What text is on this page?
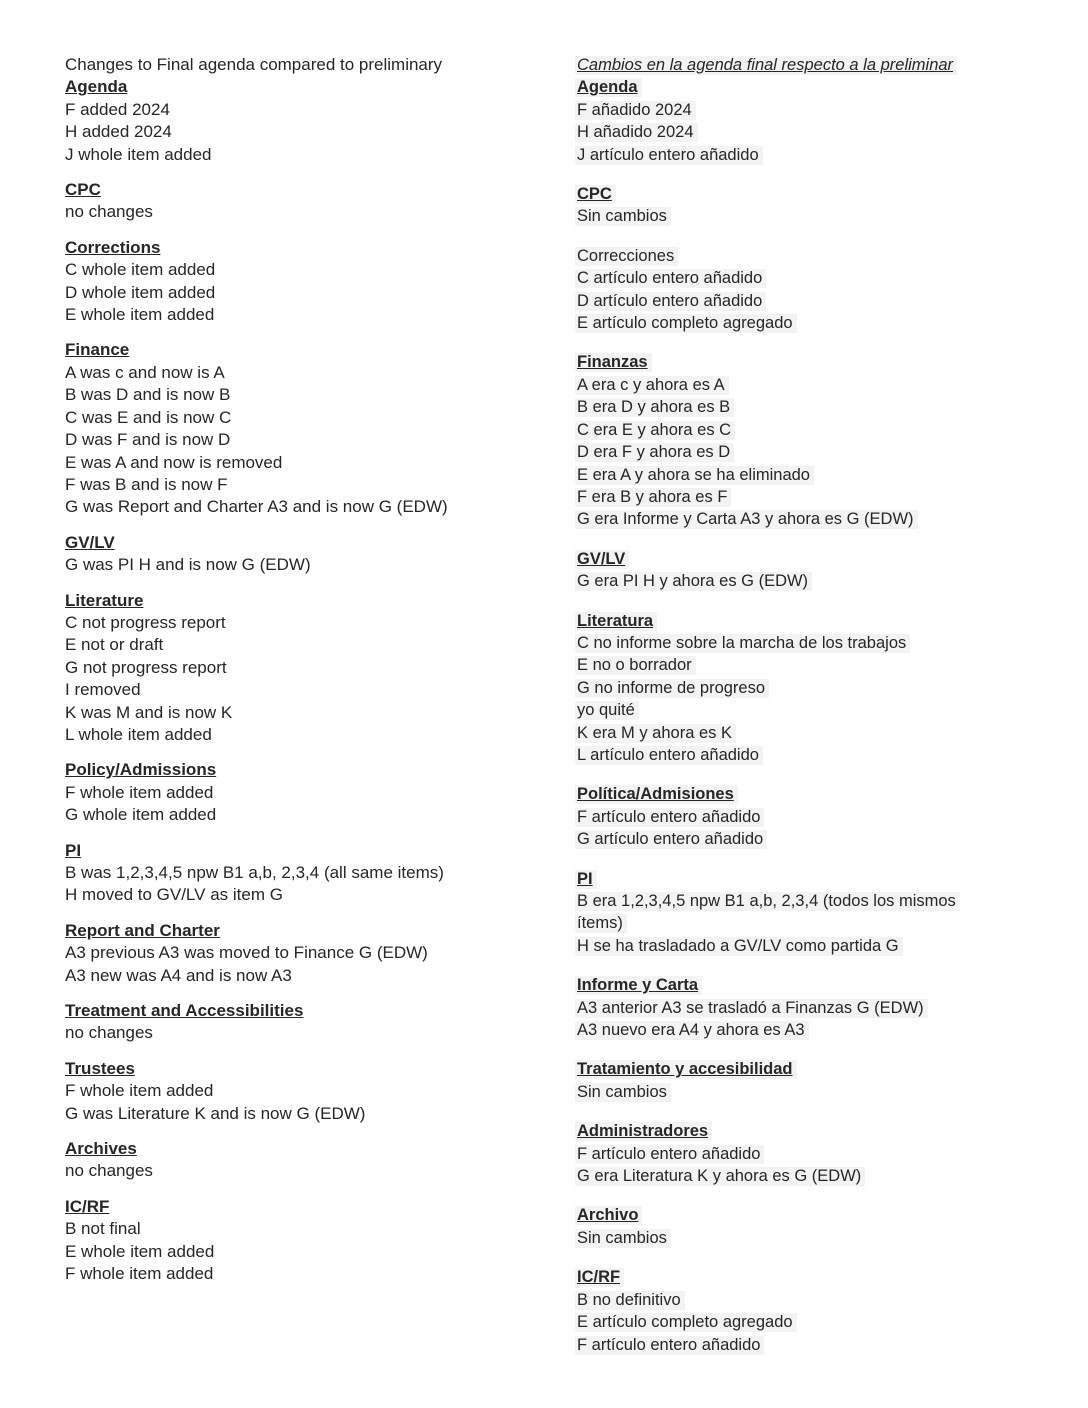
Changes to Final agenda compared to preliminary
Agenda
F added 2024
H added 2024
J whole item added
CPC
no changes
Corrections
C whole item added
D whole item added
E whole item added
Finance
A was c and now is A
B was D and is now B
C was E and is now C
D was F and is now D
E was A and now is removed
F was B and is now F
G was Report and Charter A3 and is now G (EDW)
GV/LV
G was PI H and is now G (EDW)
Literature
C not progress report
E not or draft
G not progress report
I removed
K was M and is now K
L whole item added
Policy/Admissions
F whole item added
G whole item added
PI
B was 1,2,3,4,5 npw B1 a,b, 2,3,4 (all same items)
H moved to GV/LV as item G
Report and Charter
A3 previous A3 was moved to Finance G (EDW)
A3 new was A4 and is now A3
Treatment and Accessibilities
no changes
Trustees
F whole item added
G was Literature K and is now G (EDW)
Archives
no changes
IC/RF
B not final
E whole item added
F whole item added
Cambios en la agenda final respecto a la preliminar
Agenda
F añadido 2024
H añadido 2024
J artículo entero añadido
CPC
Sin cambios
Correcciones
C artículo entero añadido
D artículo entero añadido
E artículo completo agregado
Finanzas
A era c y ahora es A
B era D y ahora es B
C era E y ahora es C
D era F y ahora es D
E era A y ahora se ha eliminado
F era B y ahora es F
G era Informe y Carta A3 y ahora es G (EDW)
GV/LV
G era PI H y ahora es G (EDW)
Literatura
C no informe sobre la marcha de los trabajos
E no o borrador
G no informe de progreso
yo quité
K era M y ahora es K
L artículo entero añadido
Política/Admisiones
F artículo entero añadido
G artículo entero añadido
PI
B era 1,2,3,4,5 npw B1 a,b, 2,3,4 (todos los mismos
ítems)
H se ha trasladado a GV/LV como partida G
Informe y Carta
A3 anterior A3 se trasladó a Finanzas G (EDW)
A3 nuevo era A4 y ahora es A3
Tratamiento y accesibilidad
Sin cambios
Administradores
F artículo entero añadido
G era Literatura K y ahora es G (EDW)
Archivo
Sin cambios
IC/RF
B no definitivo
E artículo completo agregado
F artículo entero añadido
